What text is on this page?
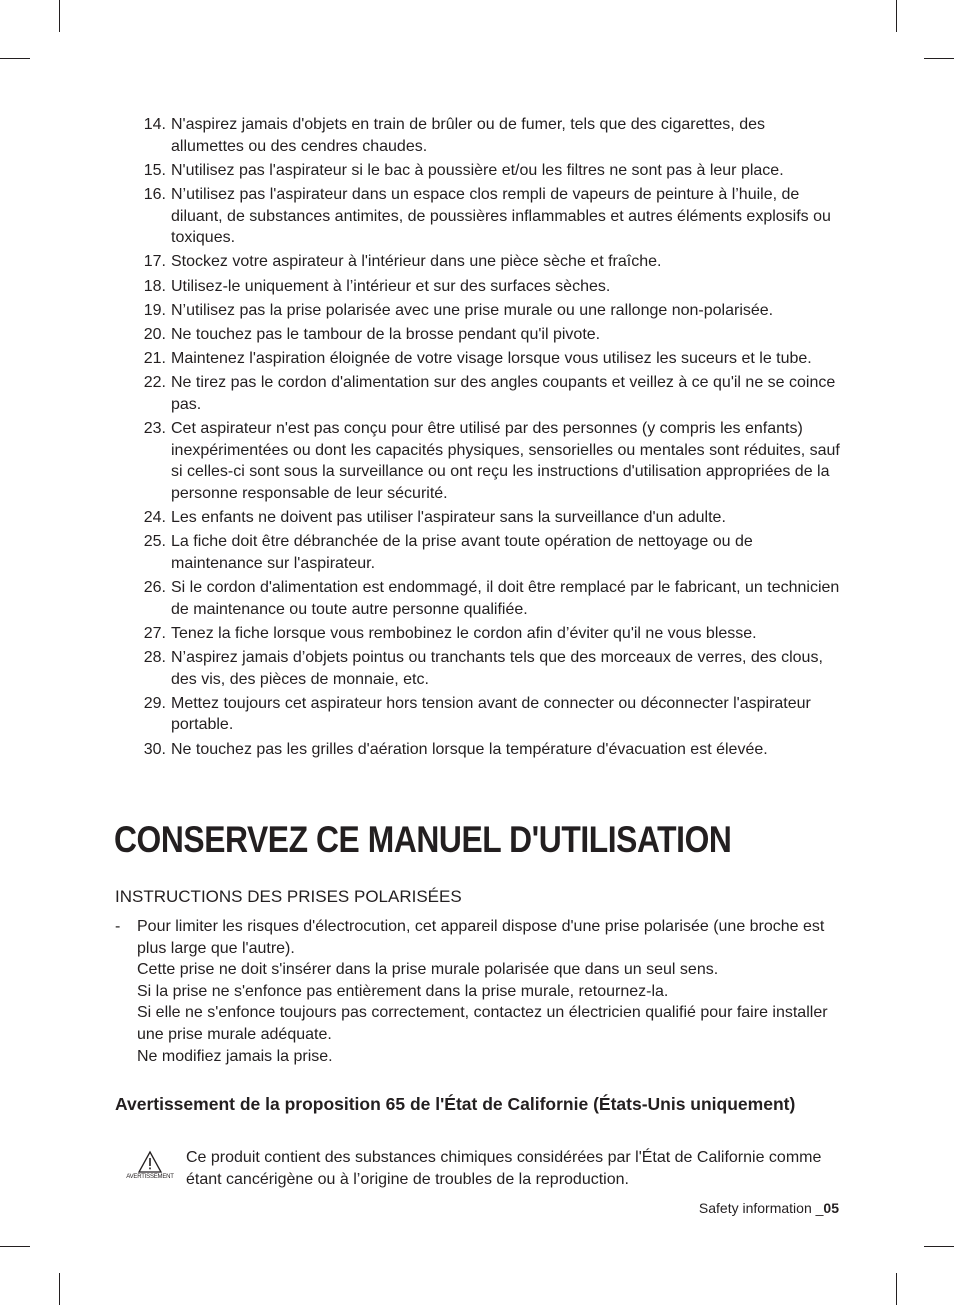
14. N'aspirez jamais d'objets en train de brûler ou de fumer, tels que des cigarettes, des allumettes ou des cendres chaudes.
15. N'utilisez pas l'aspirateur si le bac à poussière et/ou les filtres ne sont pas à leur place.
16. N’utilisez pas l'aspirateur dans un espace clos rempli de vapeurs de peinture à l’huile, de diluant, de substances antimites, de poussières inflammables et autres éléments explosifs ou toxiques.
17. Stockez votre aspirateur à l'intérieur dans une pièce sèche et fraîche.
18. Utilisez-le uniquement à l’intérieur et sur des surfaces sèches.
19. N’utilisez pas la prise polarisée avec une prise murale ou une rallonge non-polarisée.
20. Ne touchez pas le tambour de la brosse pendant qu'il pivote.
21. Maintenez l'aspiration éloignée de votre visage lorsque vous utilisez les suceurs et le tube.
22. Ne tirez pas le cordon d'alimentation sur des angles coupants et veillez à ce qu'il ne se coince pas.
23. Cet aspirateur n'est pas conçu pour être utilisé par des personnes (y compris les enfants) inexpérimentées ou dont les capacités physiques, sensorielles ou mentales sont réduites, sauf si celles-ci sont sous la surveillance ou ont reçu les instructions d'utilisation appropriées de la personne responsable de leur sécurité.
24. Les enfants ne doivent pas utiliser l'aspirateur sans la surveillance d'un adulte.
25. La fiche doit être débranchée de la prise avant toute opération de nettoyage ou de maintenance sur l'aspirateur.
26. Si le cordon d'alimentation est endommagé, il doit être remplacé par le fabricant, un technicien de maintenance ou toute autre personne qualifiée.
27. Tenez la fiche lorsque vous rembobinez le cordon afin d’éviter qu'il ne vous blesse.
28. N’aspirez jamais d’objets pointus ou tranchants tels que des morceaux de verres, des clous, des vis, des pièces de monnaie, etc.
29. Mettez toujours cet aspirateur hors tension avant de connecter ou déconnecter l'aspirateur portable.
30. Ne touchez pas les grilles d'aération lorsque la température d'évacuation est élevée.
CONSERVEZ CE MANUEL D'UTILISATION
INSTRUCTIONS DES PRISES POLARISÉES
- Pour limiter les risques d'électrocution, cet appareil dispose d'une prise polarisée (une broche est plus large que l'autre).
Cette prise ne doit s'insérer dans la prise murale polarisée que dans un seul sens.
Si la prise ne s'enfonce pas entièrement dans la prise murale, retournez-la.
Si elle ne s'enfonce toujours pas correctement, contactez un électricien qualifié pour faire installer une prise murale adéquate.
Ne modifiez jamais la prise.
Avertissement de la proposition 65 de l'État de Californie (États-Unis uniquement)
AVERTISSEMENT
Ce produit contient des substances chimiques considérées par l'État de Californie comme étant cancérigène ou à l’origine de troubles de la reproduction.
Safety information _05
